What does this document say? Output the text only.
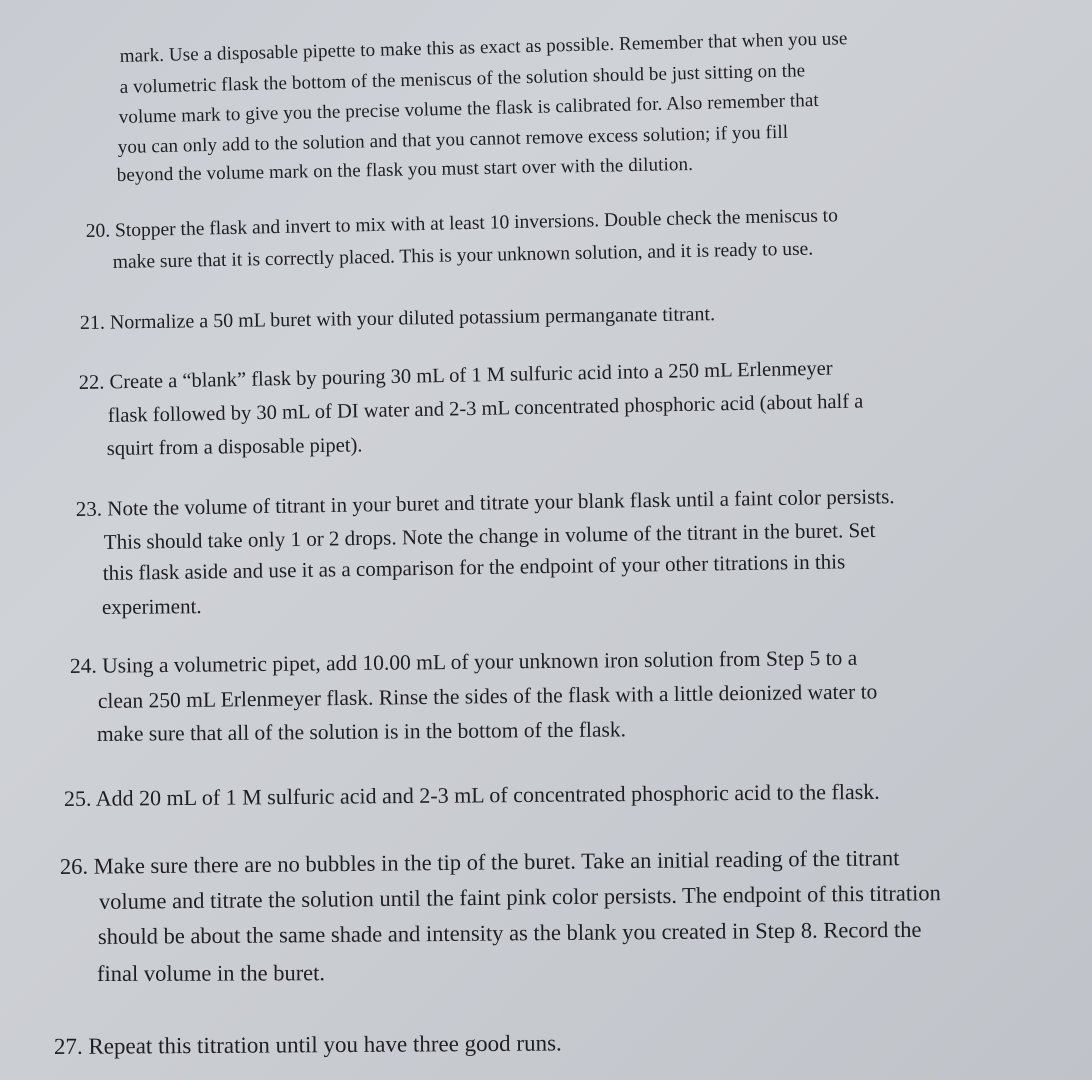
mark. Use a disposable pipette to make this as exact as possible. Remember that when you use
a volumetric flask the bottom of the meniscus of the solution should be just sitting on the
volume mark to give you the precise volume the flask is calibrated for. Also remember that
you can only add to the solution and that you cannot remove excess solution; if you fill
beyond the volume mark on the flask you must start over with the dilution.
20. Stopper the flask and invert to mix with at least 10 inversions. Double check the meniscus to
make sure that it is correctly placed. This is your unknown solution, and it is ready to use.
21. Normalize a 50 mL buret with your diluted potassium permanganate titrant.
22. Create a “blank” flask by pouring 30 mL of 1 M sulfuric acid into a 250 mL Erlenmeyer
flask followed by 30 mL of DI water and 2-3 mL concentrated phosphoric acid (about half a
squirt from a disposable pipet).
23. Note the volume of titrant in your buret and titrate your blank flask until a faint color persists.
This should take only 1 or 2 drops. Note the change in volume of the titrant in the buret. Set
this flask aside and use it as a comparison for the endpoint of your other titrations in this
experiment.
24. Using a volumetric pipet, add 10.00 mL of your unknown iron solution from Step 5 to a
clean 250 mL Erlenmeyer flask. Rinse the sides of the flask with a little deionized water to
make sure that all of the solution is in the bottom of the flask.
25. Add 20 mL of 1 M sulfuric acid and 2-3 mL of concentrated phosphoric acid to the flask.
26. Make sure there are no bubbles in the tip of the buret. Take an initial reading of the titrant
volume and titrate the solution until the faint pink color persists. The endpoint of this titration
should be about the same shade and intensity as the blank you created in Step 8. Record the
final volume in the buret.
27. Repeat this titration until you have three good runs.
